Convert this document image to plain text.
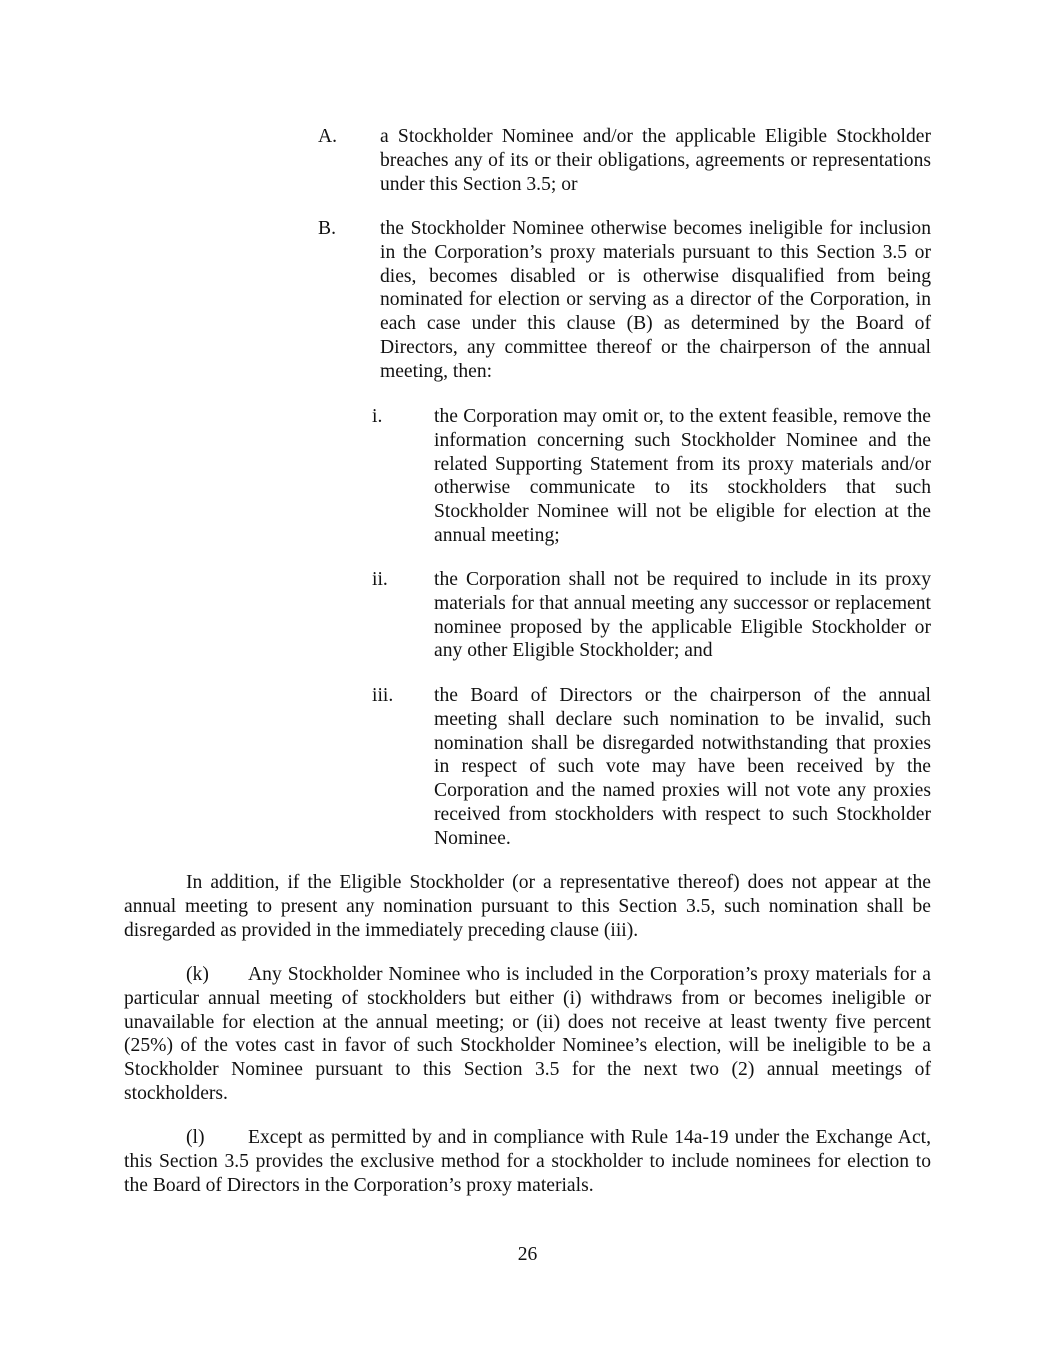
A. a Stockholder Nominee and/or the applicable Eligible Stockholder breaches any of its or their obligations, agreements or representations under this Section 3.5; or
B. the Stockholder Nominee otherwise becomes ineligible for inclusion in the Corporation’s proxy materials pursuant to this Section 3.5 or dies, becomes disabled or is otherwise disqualified from being nominated for election or serving as a director of the Corporation, in each case under this clause (B) as determined by the Board of Directors, any committee thereof or the chairperson of the annual meeting, then:
i.	the Corporation may omit or, to the extent feasible, remove the information concerning such Stockholder Nominee and the related Supporting Statement from its proxy materials and/or otherwise communicate to its stockholders that such Stockholder Nominee will not be eligible for election at the annual meeting;
ii. the Corporation shall not be required to include in its proxy materials for that annual meeting any successor or replacement nominee proposed by the applicable Eligible Stockholder or any other Eligible Stockholder; and
iii. the Board of Directors or the chairperson of the annual meeting shall declare such nomination to be invalid, such nomination shall be disregarded notwithstanding that proxies in respect of such vote may have been received by the Corporation and the named proxies will not vote any proxies received from stockholders with respect to such Stockholder Nominee.
In addition, if the Eligible Stockholder (or a representative thereof) does not appear at the annual meeting to present any nomination pursuant to this Section 3.5, such nomination shall be disregarded as provided in the immediately preceding clause (iii).
(k) Any Stockholder Nominee who is included in the Corporation’s proxy materials for a particular annual meeting of stockholders but either (i) withdraws from or becomes ineligible or unavailable for election at the annual meeting; or (ii) does not receive at least twenty five percent (25%) of the votes cast in favor of such Stockholder Nominee’s election, will be ineligible to be a Stockholder Nominee pursuant to this Section 3.5 for the next two (2) annual meetings of stockholders.
(l) Except as permitted by and in compliance with Rule 14a-19 under the Exchange Act, this Section 3.5 provides the exclusive method for a stockholder to include nominees for election to the Board of Directors in the Corporation’s proxy materials.
26
